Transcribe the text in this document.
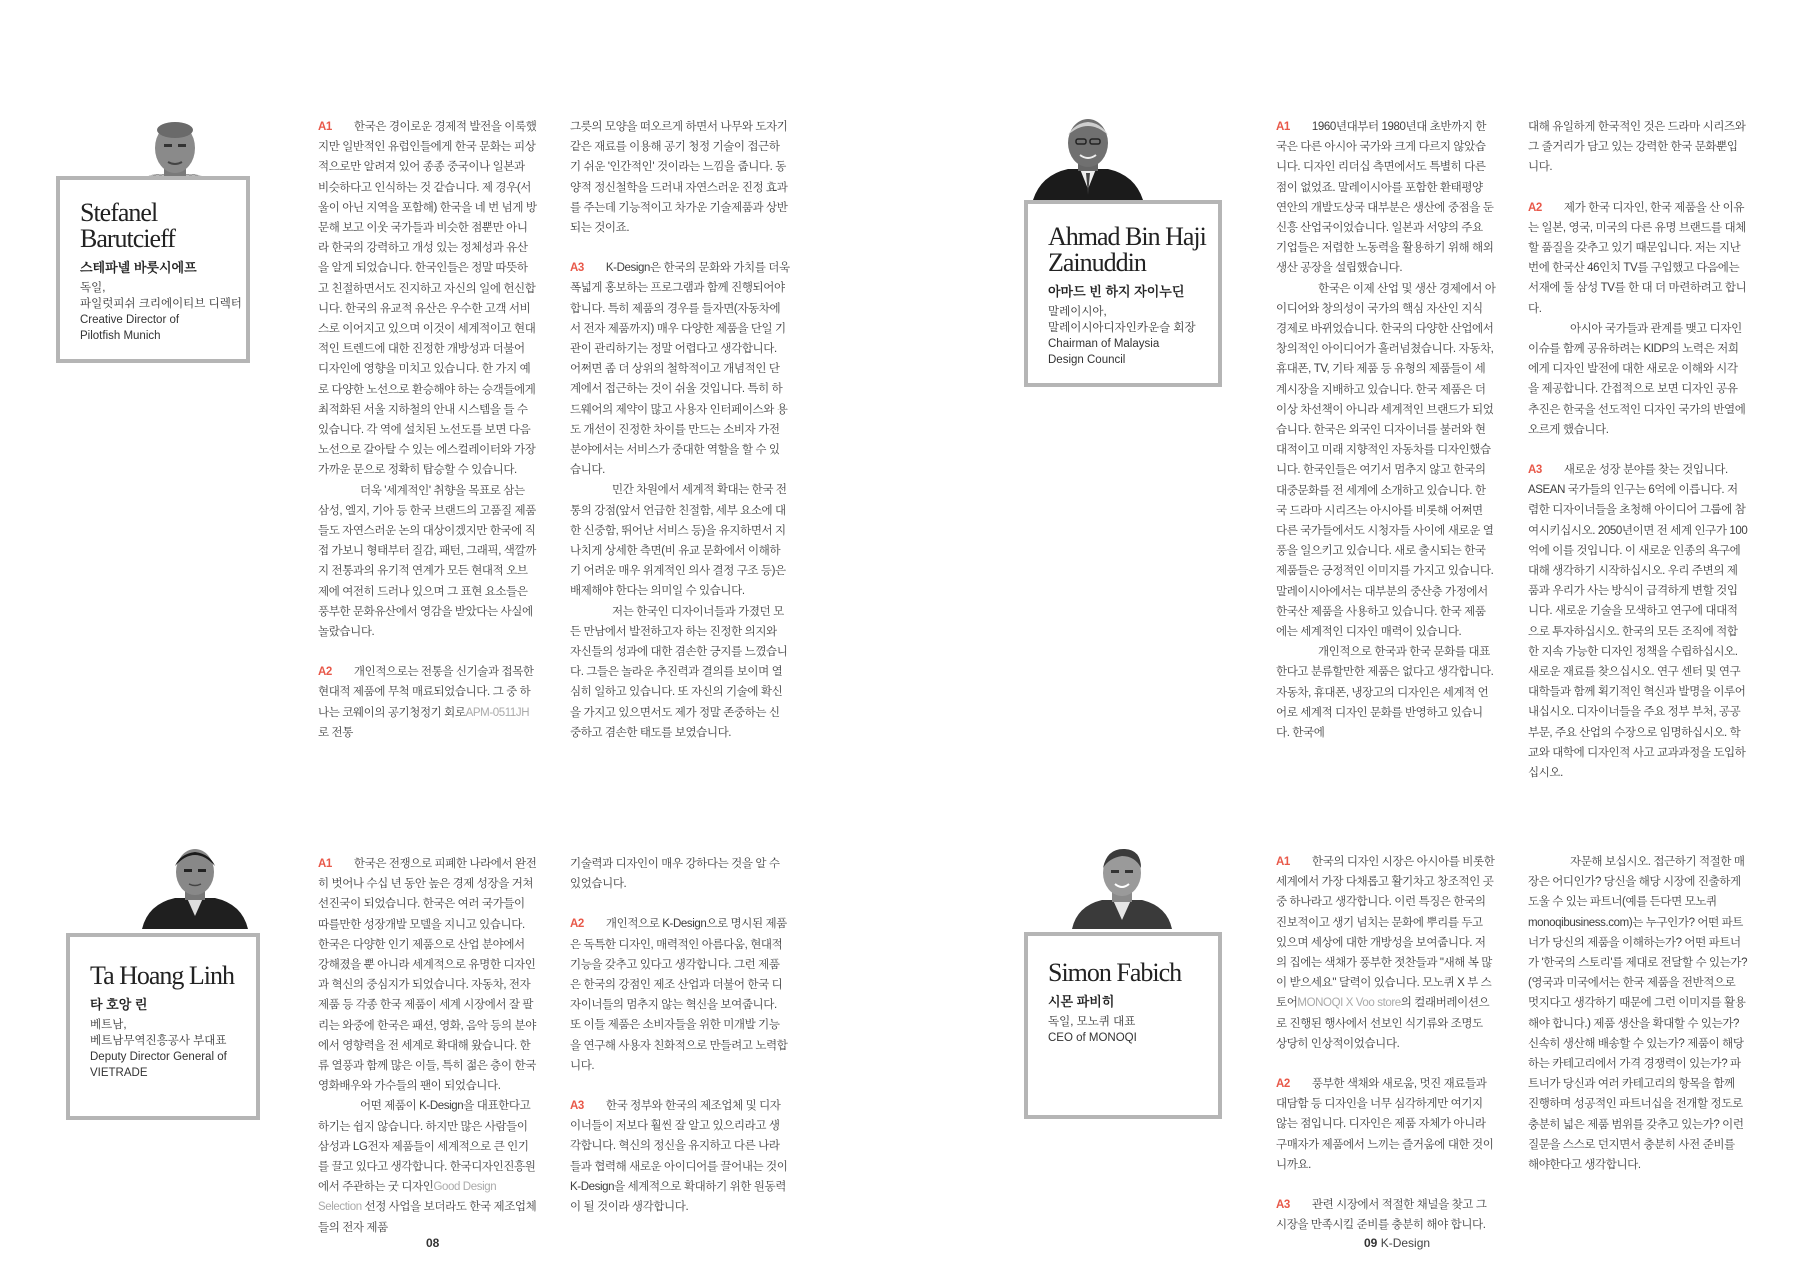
Stefanel
Barutcieff
스테파넬 바룻시에프
독일,
파일럿피쉬 크리에이티브 디렉터
Creative Director of
Pilotfish Munich

A1 한국은 경이로운 경제적 발전을 이룩했지만 일반적인 유럽인들에게 한국 문화는 피상적으로만 알려져 있어 종종 중국이나 일본과 비슷하다고 인식하는 것 같습니다. 제 경우(서울이 아닌 지역을 포함해) 한국을 네 번 넘게 방문해 보고 이웃 국가들과 비슷한 점뿐만 아니라 한국의 강력하고 개성 있는 정체성과 유산을 알게 되었습니다. 한국인들은 정말 따뜻하고 친절하면서도 진지하고 자신의 일에 헌신합니다. 한국의 유교적 유산은 우수한 고객 서비스로 이어지고 있으며 이것이 세계적이고 현대적인 트렌드에 대한 진정한 개방성과 더불어 디자인에 영향을 미치고 있습니다. 한 가지 예로 다양한 노선으로 환승해야 하는 승객들에게 최적화된 서울 지하철의 안내 시스템을 들 수 있습니다. 각 역에 설치된 노선도를 보면 다음 노선으로 갈아탈 수 있는 에스컬레이터와 가장 가까운 문으로 정확히 탑승할 수 있습니다.

더욱 '세계적인' 취향을 목표로 삼는 삼성, 엘지, 기아 등 한국 브랜드의 고품질 제품들도 자연스러운 논의 대상이겠지만 한국에 직접 가보니 형태부터 질감, 패턴, 그래픽, 색깔까지 전통과의 유기적 연계가 모든 현대적 오브제에 여전히 드러나 있으며 그 표현 요소들은 풍부한 문화유산에서 영감을 받았다는 사실에 놀랐습니다.

A2 개인적으로는 전통을 신기술과 접목한 현대적 제품에 무척 매료되었습니다. 그 중 하나는 코웨이의 공기청정기 회로APM-0511JH로 전통

그릇의 모양을 떠오르게 하면서 나무와 도자기 같은 재료를 이용해 공기 청정 기술이 접근하기 쉬운 '인간적인' 것이라는 느낌을 줍니다. 동양적 정신철학을 드러내 자연스러운 진정 효과를 주는데 기능적이고 차가운 기술제품과 상반되는 것이죠.

A3 K-Design은 한국의 문화와 가치를 더욱 폭넓게 홍보하는 프로그램과 함께 진행되어야 합니다. 특히 제품의 경우를 들자면(자동차에서 전자 제품까지) 매우 다양한 제품을 단일 기관이 관리하기는 정말 어렵다고 생각합니다. 어쩌면 좀 더 상위의 철학적이고 개념적인 단계에서 접근하는 것이 쉬울 것입니다. 특히 하드웨어의 제약이 많고 사용자 인터페이스와 용도 개선이 진정한 차이를 만드는 소비자 가전 분야에서는 서비스가 중대한 역할을 할 수 있습니다.

민간 차원에서 세계적 확대는 한국 전통의 강점(앞서 언급한 친절함, 세부 요소에 대한 신중함, 뛰어난 서비스 등)을 유지하면서 지나치게 상세한 측면(비 유교 문화에서 이해하기 어려운 매우 위계적인 의사 결정 구조 등)은 배제해야 한다는 의미일 수 있습니다.

저는 한국인 디자이너들과 가졌던 모든 만남에서 발전하고자 하는 진정한 의지와 자신들의 성과에 대한 겸손한 긍지를 느꼈습니다. 그들은 놀라운 추진력과 결의를 보이며 열심히 일하고 있습니다. 또 자신의 기술에 확신을 가지고 있으면서도 제가 정말 존중하는 신중하고 겸손한 태도를 보였습니다.

Ta Hoang Linh
타 호앙 린
베트남,
베트남무역진흥공사 부대표
Deputy Director General of
VIETRADE

A1 한국은 전쟁으로 피폐한 나라에서 완전히 벗어나 수십 년 동안 높은 경제 성장을 거쳐 선진국이 되었습니다. 한국은 여러 국가들이 따를만한 성장개발 모델을 지니고 있습니다. 한국은 다양한 인기 제품으로 산업 분야에서 강해졌을 뿐 아니라 세계적으로 유명한 디자인과 혁신의 중심지가 되었습니다. 자동차, 전자 제품 등 각종 한국 제품이 세계 시장에서 잘 팔리는 와중에 한국은 패션, 영화, 음악 등의 분야에서 영향력을 전 세계로 확대해 왔습니다. 한류 열풍과 함께 많은 이들, 특히 젊은 층이 한국 영화배우와 가수들의 팬이 되었습니다.

어떤 제품이 K-Design을 대표한다고 하기는 쉽지 않습니다. 하지만 많은 사람들이 삼성과 LG전자 제품들이 세계적으로 큰 인기를 끌고 있다고 생각합니다. 한국디자인진흥원에서 주관하는 굿 디자인Good Design Selection 선정 사업을 보더라도 한국 제조업체들의 전자 제품

기술력과 디자인이 매우 강하다는 것을 알 수 있었습니다.

A2 개인적으로 K-Design으로 명시된 제품은 독특한 디자인, 매력적인 아름다움, 현대적 기능을 갖추고 있다고 생각합니다. 그런 제품은 한국의 강점인 제조 산업과 더불어 한국 디자이너들의 멈추지 않는 혁신을 보여줍니다. 또 이들 제품은 소비자들을 위한 미개발 기능을 연구해 사용자 친화적으로 만들려고 노력합니다.

A3 한국 정부와 한국의 제조업체 및 디자이너들이 저보다 훨씬 잘 알고 있으리라고 생각합니다. 혁신의 정신을 유지하고 다른 나라들과 협력해 새로운 아이디어를 끌어내는 것이 K-Design을 세계적으로 확대하기 위한 원동력이 될 것이라 생각합니다.

08
Ahmad Bin Haji
Zainuddin
아마드 빈 하지 자이누딘
말레이시아,
말레이시아디자인카운슬 회장
Chairman of Malaysia
Design Council

A1 1960년대부터 1980년대 초반까지 한국은 다른 아시아 국가와 크게 다르지 않았습니다. 디자인 리더십 측면에서도 특별히 다른 점이 없었죠. 말레이시아를 포함한 환태평양 연안의 개발도상국 대부분은 생산에 중점을 둔 신흥 산업국이었습니다. 일본과 서양의 주요 기업들은 저렴한 노동력을 활용하기 위해 해외 생산 공장을 설립했습니다.

한국은 이제 산업 및 생산 경제에서 아이디어와 창의성이 국가의 핵심 자산인 지식 경제로 바뀌었습니다. 한국의 다양한 산업에서 창의적인 아이디어가 흘러넘쳤습니다. 자동차, 휴대폰, TV, 기타 제품 등 유형의 제품들이 세계시장을 지배하고 있습니다. 한국 제품은 더 이상 차선책이 아니라 세계적인 브랜드가 되었습니다. 한국은 외국인 디자이너를 불러와 현대적이고 미래 지향적인 자동차를 디자인했습니다. 한국인들은 여기서 멈추지 않고 한국의 대중문화를 전 세계에 소개하고 있습니다. 한국 드라마 시리즈는 아시아를 비롯해 어쩌면 다른 국가들에서도 시청자들 사이에 새로운 열풍을 일으키고 있습니다. 새로 출시되는 한국 제품들은 긍정적인 이미지를 가지고 있습니다. 말레이시아에서는 대부분의 중산층 가정에서 한국산 제품을 사용하고 있습니다. 한국 제품에는 세계적인 디자인 매력이 있습니다.

개인적으로 한국과 한국 문화를 대표한다고 분류할만한 제품은 없다고 생각합니다. 자동차, 휴대폰, 냉장고의 디자인은 세계적 언어로 세계적 디자인 문화를 반영하고 있습니다. 한국에

대해 유일하게 한국적인 것은 드라마 시리즈와 그 줄거리가 담고 있는 강력한 한국 문화뿐입니다.

A2 제가 한국 디자인, 한국 제품을 산 이유는 일본, 영국, 미국의 다른 유명 브랜드를 대체할 품질을 갖추고 있기 때문입니다. 저는 지난번에 한국산 46인치 TV를 구입했고 다음에는 서재에 둘 삼성 TV를 한 대 더 마련하려고 합니다.

아시아 국가들과 관계를 맺고 디자인 이슈를 함께 공유하려는 KIDP의 노력은 저희에게 디자인 발전에 대한 새로운 이해와 시각을 제공합니다. 간접적으로 보면 디자인 공유 추진은 한국을 선도적인 디자인 국가의 반열에 오르게 했습니다.

A3 새로운 성장 분야를 찾는 것입니다. ASEAN 국가들의 인구는 6억에 이릅니다. 저렴한 디자이너들을 초청해 아이디어 그룹에 참여시키십시오. 2050년이면 전 세계 인구가 100억에 이를 것입니다. 이 새로운 인종의 욕구에 대해 생각하기 시작하십시오. 우리 주변의 제품과 우리가 사는 방식이 급격하게 변할 것입니다. 새로운 기술을 모색하고 연구에 대대적으로 투자하십시오. 한국의 모든 조직에 적합한 지속 가능한 디자인 정책을 수립하십시오. 새로운 재료를 찾으십시오. 연구 센터 및 연구 대학들과 함께 획기적인 혁신과 발명을 이루어 내십시오. 디자이너들을 주요 정부 부처, 공공 부문, 주요 산업의 수장으로 임명하십시오. 학교와 대학에 디자인적 사고 교과과정을 도입하십시오.

Simon Fabich
시몬 파비히
독일, 모노퀴 대표
CEO of MONOQI

A1 한국의 디자인 시장은 아시아를 비롯한 세계에서 가장 다채롭고 활기차고 창조적인 곳 중 하나라고 생각합니다. 이런 특징은 한국의 진보적이고 생기 넘치는 문화에 뿌리를 두고 있으며 세상에 대한 개방성을 보여줍니다. 저의 집에는 색채가 풍부한 젓찬들과 "새해 복 많이 받으세요" 달력이 있습니다. 모노퀴 X 부 스토어MONOQI X Voo store의 컬래버레이션으로 진행된 행사에서 선보인 식기류와 조명도 상당히 인상적이었습니다.

A2 풍부한 색채와 새로움, 멋진 재료들과 대담함 등 디자인을 너무 심각하게만 여기지 않는 점입니다. 디자인은 제품 자체가 아니라 구매자가 제품에서 느끼는 즐거움에 대한 것이니까요.

A3 관련 시장에서 적절한 채널을 찾고 그 시장을 만족시킬 준비를 충분히 해야 합니다.

자문해 보십시오. 접근하기 적절한 매장은 어디인가? 당신을 해당 시장에 진출하게 도울 수 있는 파트너(예를 든다면 모노퀴monoqibusiness.com)는 누구인가? 어떤 파트너가 당신의 제품을 이해하는가? 어떤 파트너가 '한국의 스토리'를 제대로 전달할 수 있는가?(영국과 미국에서는 한국 제품을 전반적으로 멋지다고 생각하기 때문에 그런 이미지를 활용해야 합니다.) 제품 생산을 확대할 수 있는가? 신속히 생산해 배송할 수 있는가? 제품이 해당하는 카테고리에서 가격 경쟁력이 있는가? 파트너가 당신과 여러 카테고리의 항목을 함께 진행하며 성공적인 파트너십을 전개할 정도로 충분히 넓은 제품 범위를 갖추고 있는가? 이런 질문을 스스로 던지면서 충분히 사전 준비를 해야한다고 생각합니다.

09 K-Design
